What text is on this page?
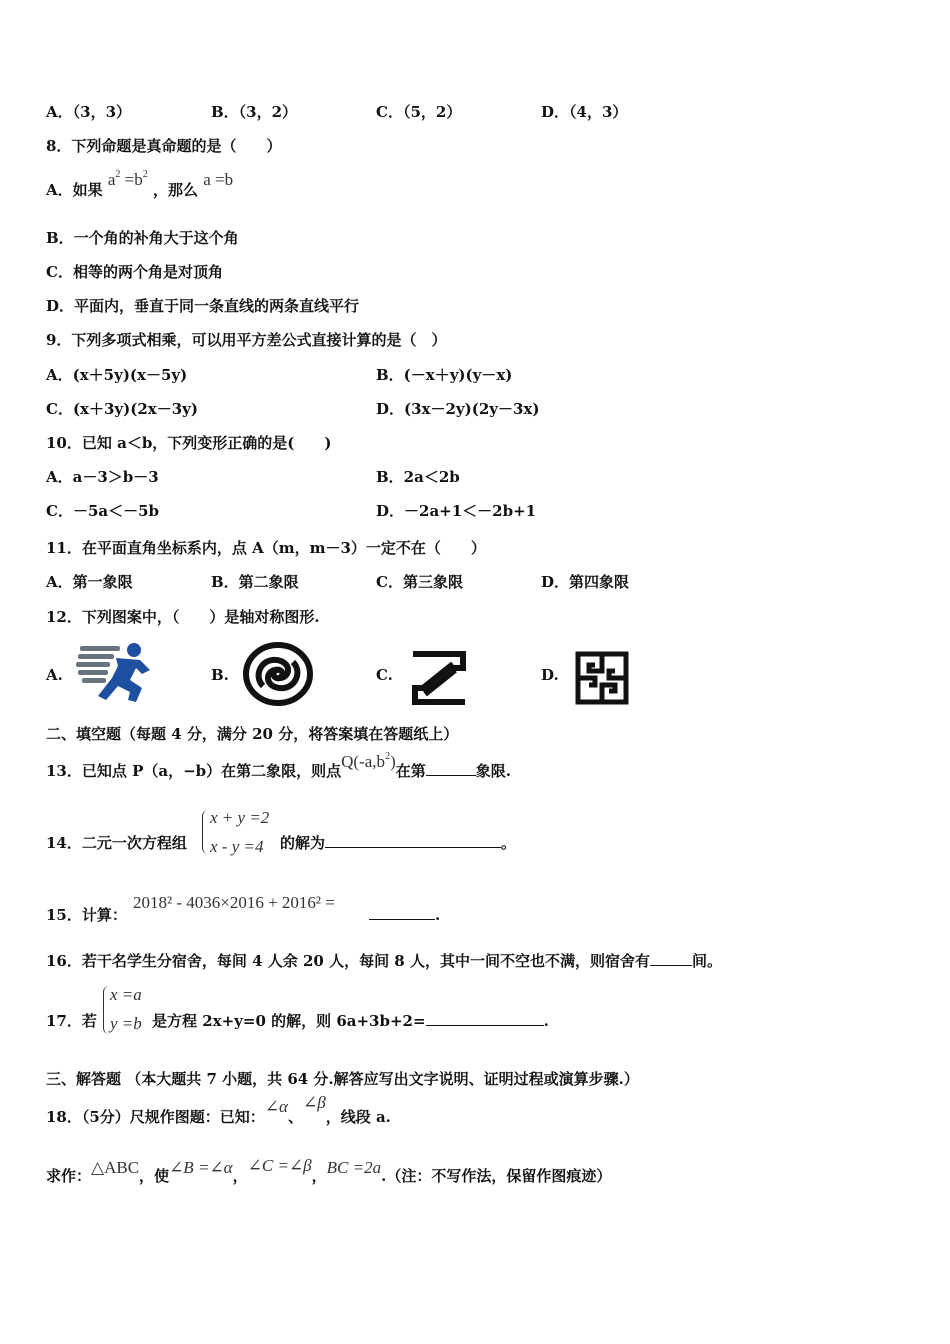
A．（3，3）	B．（3，2）	C．（5，2）	D．（4，3）
8．下列命题是真命题的是（　　）
A．如果 $a^2 =b^2$ ，那么 a =b
B．一个角的补角大于这个角
C．相等的两个角是对顶角
D．平面内，垂直于同一条直线的两条直线平行
9．下列多项式相乘，可以用平方差公式直接计算的是（　）
A．(x＋5y)(x－5y)	B．(－x＋y)(y－x)
C．(x＋3y)(2x－3y)	D．(3x－2y)(2y－3x)
10．已知 a＜b，下列变形正确的是(　　)
A．a－3＞b－3	B．2a＜2b
C．－5a＜－5b	D．－2a+1＜－2b+1
11．在平面直角坐标系内，点 A（m，m－3）一定不在（　　）
A．第一象限	B．第二象限	C．第三象限	D．第四象限
12．下列图案中，（　　）是轴对称图形.
A.	B.	C.	D.
二、填空题（每题 4 分，满分 20 分，将答案填在答题纸上）
13．已知点 P（a，−b）在第二象限，则点$Q(-a,b^2)$在第	象限.
14．二元一次方程组
x + y =2
x - y =4 的解为	。
15．计算：
2018² - 4036×2016 + 2016² =
.
16．若干名学生分宿舍，每间 4 人余 20 人，每间 8 人，其中一间不空也不满，则宿舍有	间。
17．若
x =a
y =b 是方程 2x+y=0 的解，则 6a+3b+2=	.
三、解答题 （本大题共 7 小题，共 64 分.解答应写出文字说明、证明过程或演算步骤.）
18．（5分）尺规作图题：已知：∠α、∠β，线段 a.
求作：△ABC，使∠B =∠α，∠C =∠β，BC =2a.（注：不写作法，保留作图痕迹）
